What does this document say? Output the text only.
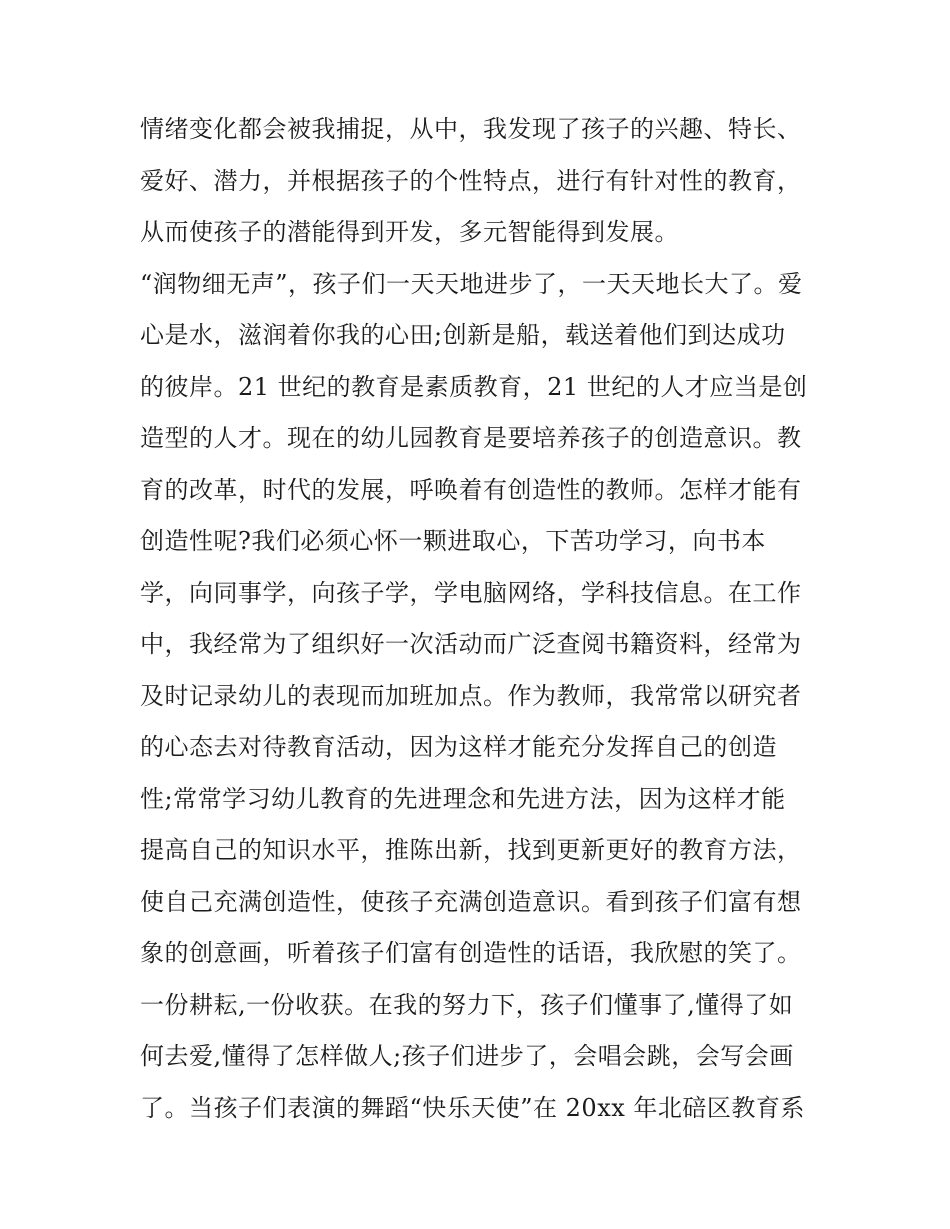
情绪变化都会被我捕捉，从中，我发现了孩子的兴趣、特长、
爱好、潜力，并根据孩子的个性特点，进行有针对性的教育，
从而使孩子的潜能得到开发，多元智能得到发展。
“润物细无声”，孩子们一天天地进步了，一天天地长大了。爱
心是水，滋润着你我的心田;创新是船，载送着他们到达成功
的彼岸。21 世纪的教育是素质教育，21 世纪的人才应当是创
造型的人才。现在的幼儿园教育是要培养孩子的创造意识。教
育的改革，时代的发展，呼唤着有创造性的教师。怎样才能有
创造性呢?我们必须心怀一颗进取心，下苦功学习，向书本
学，向同事学，向孩子学，学电脑网络，学科技信息。在工作
中，我经常为了组织好一次活动而广泛查阅书籍资料，经常为
及时记录幼儿的表现而加班加点。作为教师，我常常以研究者
的心态去对待教育活动，因为这样才能充分发挥自己的创造
性;常常学习幼儿教育的先进理念和先进方法，因为这样才能
提高自己的知识水平，推陈出新，找到更新更好的教育方法，
使自己充满创造性，使孩子充满创造意识。看到孩子们富有想
象的创意画，听着孩子们富有创造性的话语，我欣慰的笑了。
一份耕耘,一份收获。在我的努力下，孩子们懂事了,懂得了如
何去爱,懂得了怎样做人;孩子们进步了，会唱会跳，会写会画
了。当孩子们表演的舞蹈“快乐天使”在 20xx 年北碚区教育系
